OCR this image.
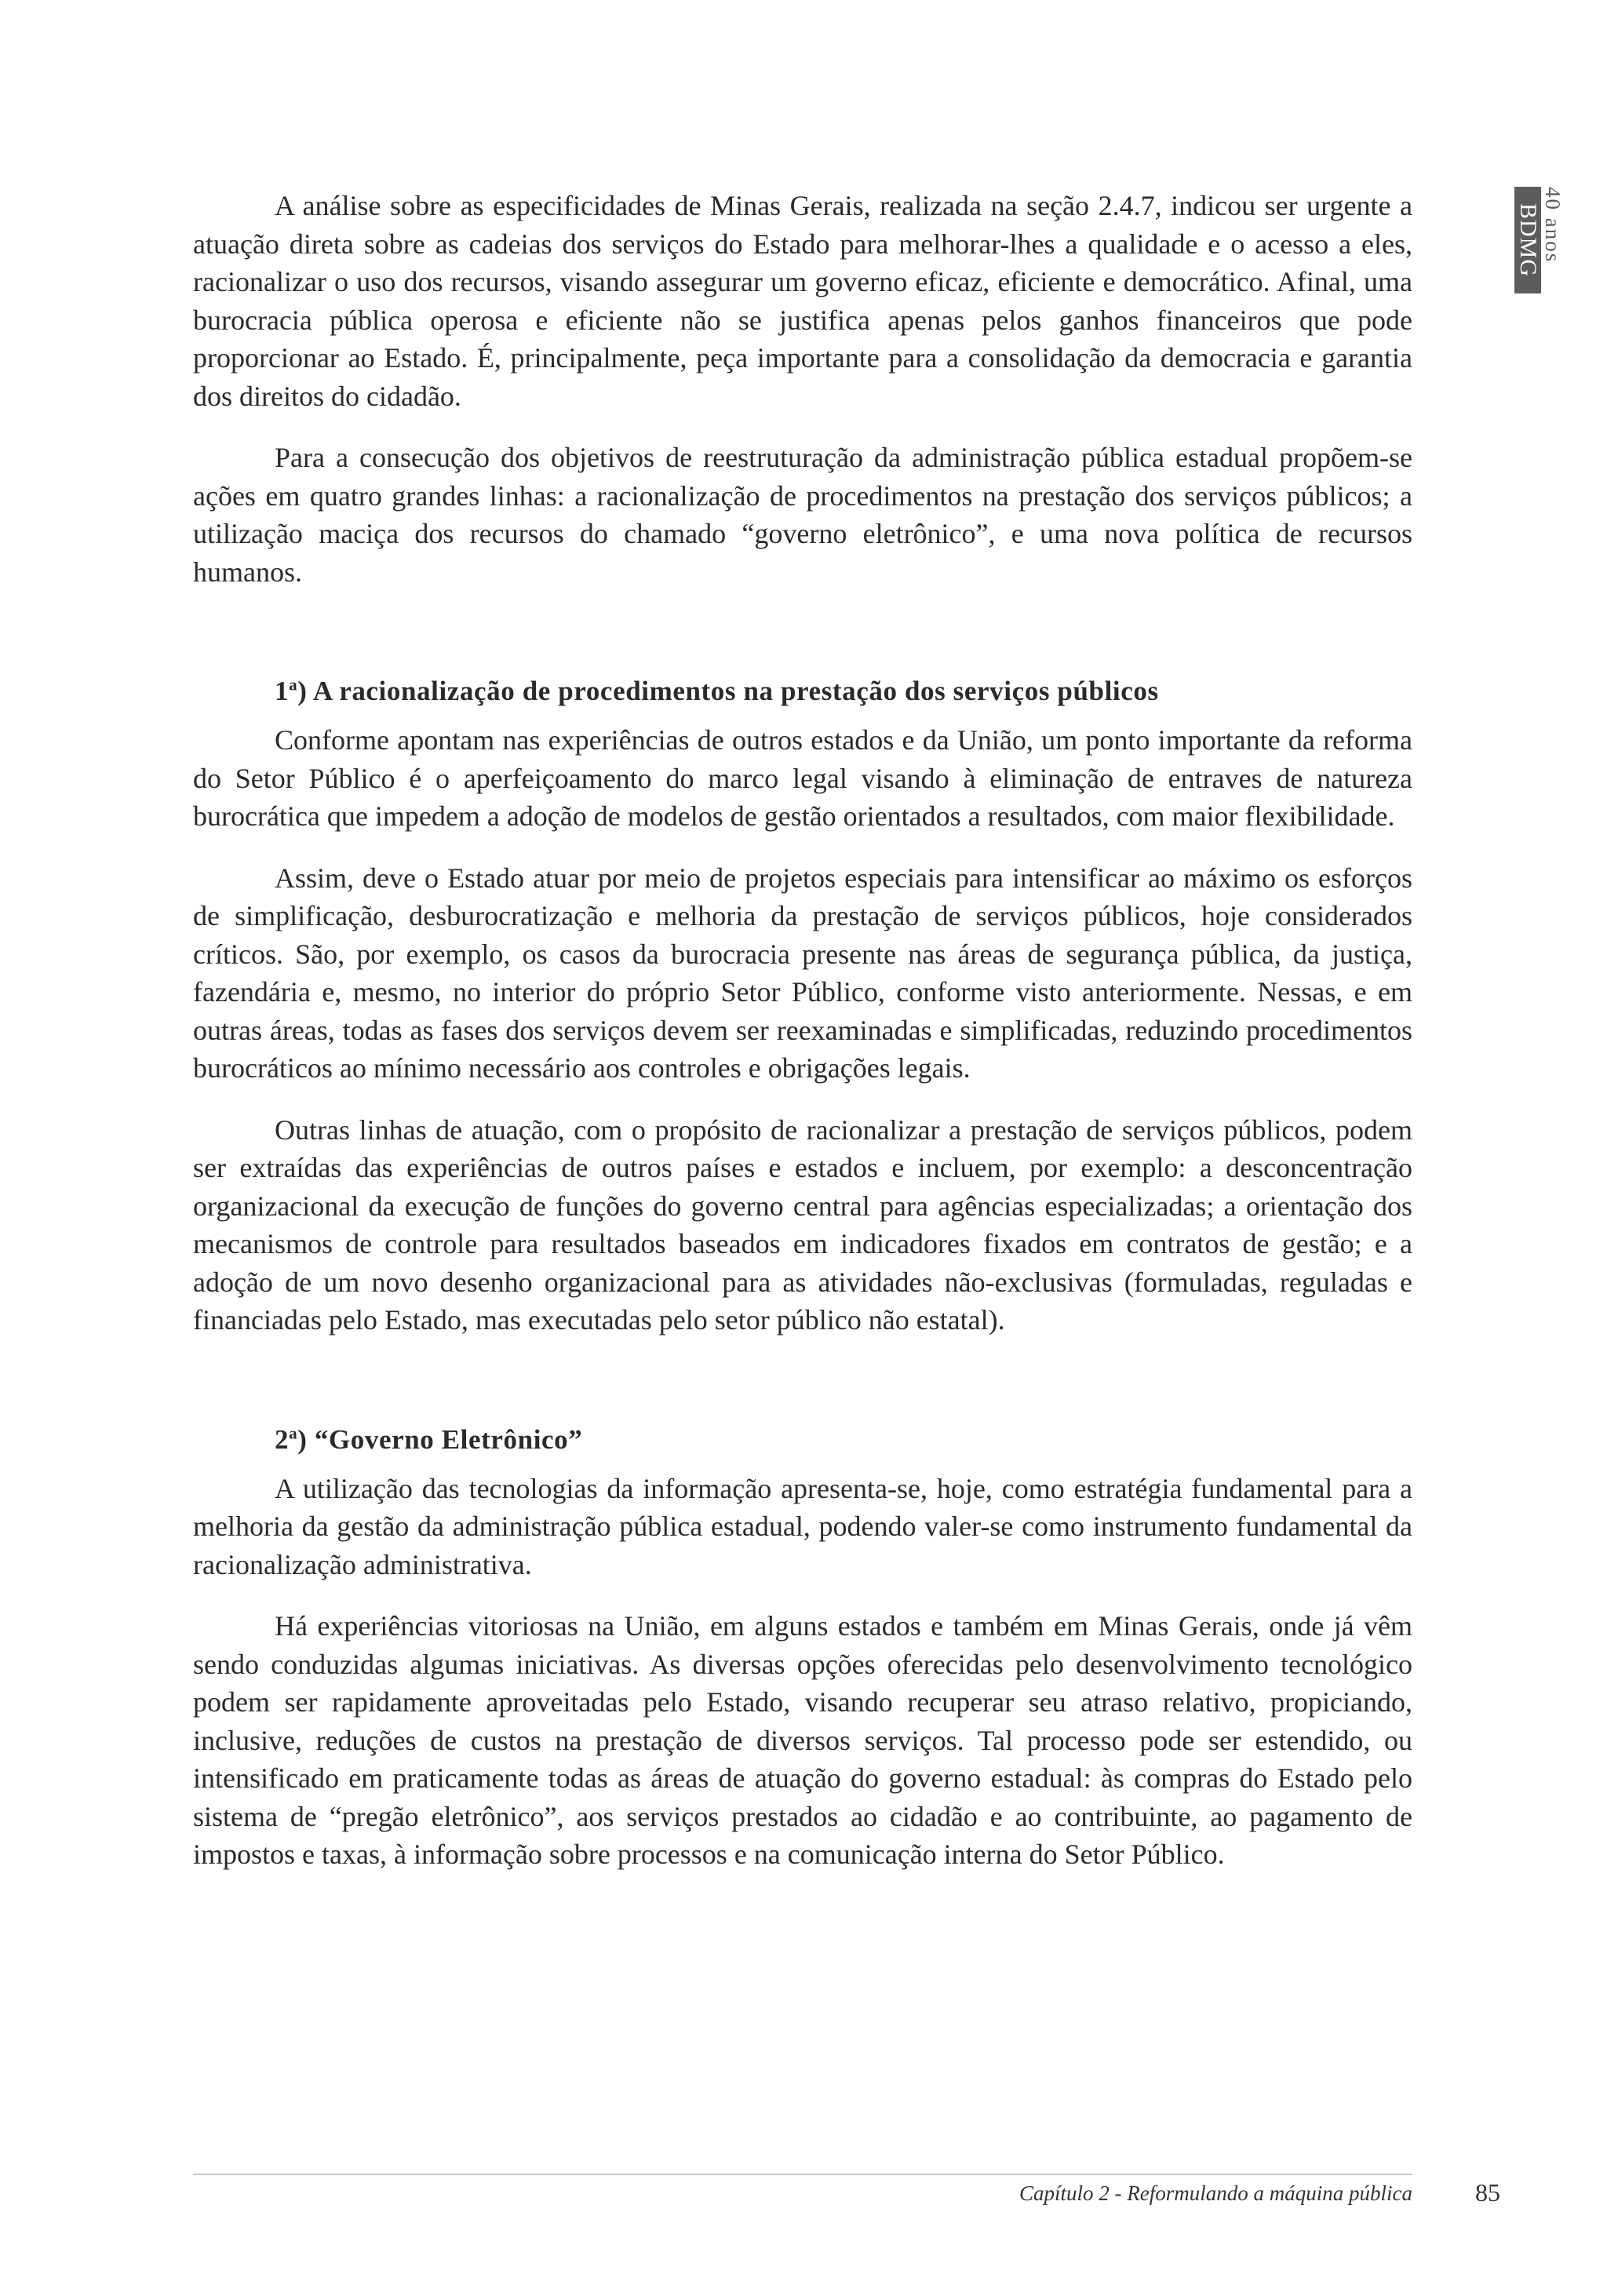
BDMG 40 anos

A análise sobre as especificidades de Minas Gerais, realizada na seção 2.4.7, indicou ser urgente a atuação direta sobre as cadeias dos serviços do Estado para melhorar-lhes a qualidade e o acesso a eles, racionalizar o uso dos recursos, visando assegurar um governo eficaz, eficiente e democrático. Afinal, uma burocracia pública operosa e eficiente não se justifica apenas pelos ganhos financeiros que pode proporcionar ao Estado. É, principalmente, peça importante para a consolidação da democracia e garantia dos direitos do cidadão.

Para a consecução dos objetivos de reestruturação da administração pública estadual propõem-se ações em quatro grandes linhas: a racionalização de procedimentos na prestação dos serviços públicos; a utilização maciça dos recursos do chamado “governo eletrônico”, e uma nova política de recursos humanos.

1$^a$) A racionalização de procedimentos na prestação dos serviços públicos

Conforme apontam nas experiências de outros estados e da União, um ponto importante da reforma do Setor Público é o aperfeiçoamento do marco legal visando à eliminação de entraves de natureza burocrática que impedem a adoção de modelos de gestão orientados a resultados, com maior flexibilidade.

Assim, deve o Estado atuar por meio de projetos especiais para intensificar ao máximo os esforços de simplificação, desburocratização e melhoria da prestação de serviços públicos, hoje considerados críticos. São, por exemplo, os casos da burocracia presente nas áreas de segurança pública, da justiça, fazendária e, mesmo, no interior do próprio Setor Público, conforme visto anteriormente. Nessas, e em outras áreas, todas as fases dos serviços devem ser reexaminadas e simplificadas, reduzindo procedimentos burocráticos ao mínimo necessário aos controles e obrigações legais.

Outras linhas de atuação, com o propósito de racionalizar a prestação de serviços públicos, podem ser extraídas das experiências de outros países e estados e incluem, por exemplo: a desconcentração organizacional da execução de funções do governo central para agências especializadas; a orientação dos mecanismos de controle para resultados baseados em indicadores fixados em contratos de gestão; e a adoção de um novo desenho organizacional para as atividades não-exclusivas (formuladas, reguladas e financiadas pelo Estado, mas executadas pelo setor público não estatal).

2$^a$) “Governo Eletrônico”

A utilização das tecnologias da informação apresenta-se, hoje, como estratégia fundamental para a melhoria da gestão da administração pública estadual, podendo valer-se como instrumento fundamental da racionalização administrativa.

Há experiências vitoriosas na União, em alguns estados e também em Minas Gerais, onde já vêm sendo conduzidas algumas iniciativas. As diversas opções oferecidas pelo desenvolvimento tecnológico podem ser rapidamente aproveitadas pelo Estado, visando recuperar seu atraso relativo, propiciando, inclusive, reduções de custos na prestação de diversos serviços. Tal processo pode ser estendido, ou intensificado em praticamente todas as áreas de atuação do governo estadual: às compras do Estado pelo sistema de “pregão eletrônico”, aos serviços prestados ao cidadão e ao contribuinte, ao pagamento de impostos e taxas, à informação sobre processos e na comunicação interna do Setor Público.

Capítulo 2 - Reformulando a máquina pública	85
